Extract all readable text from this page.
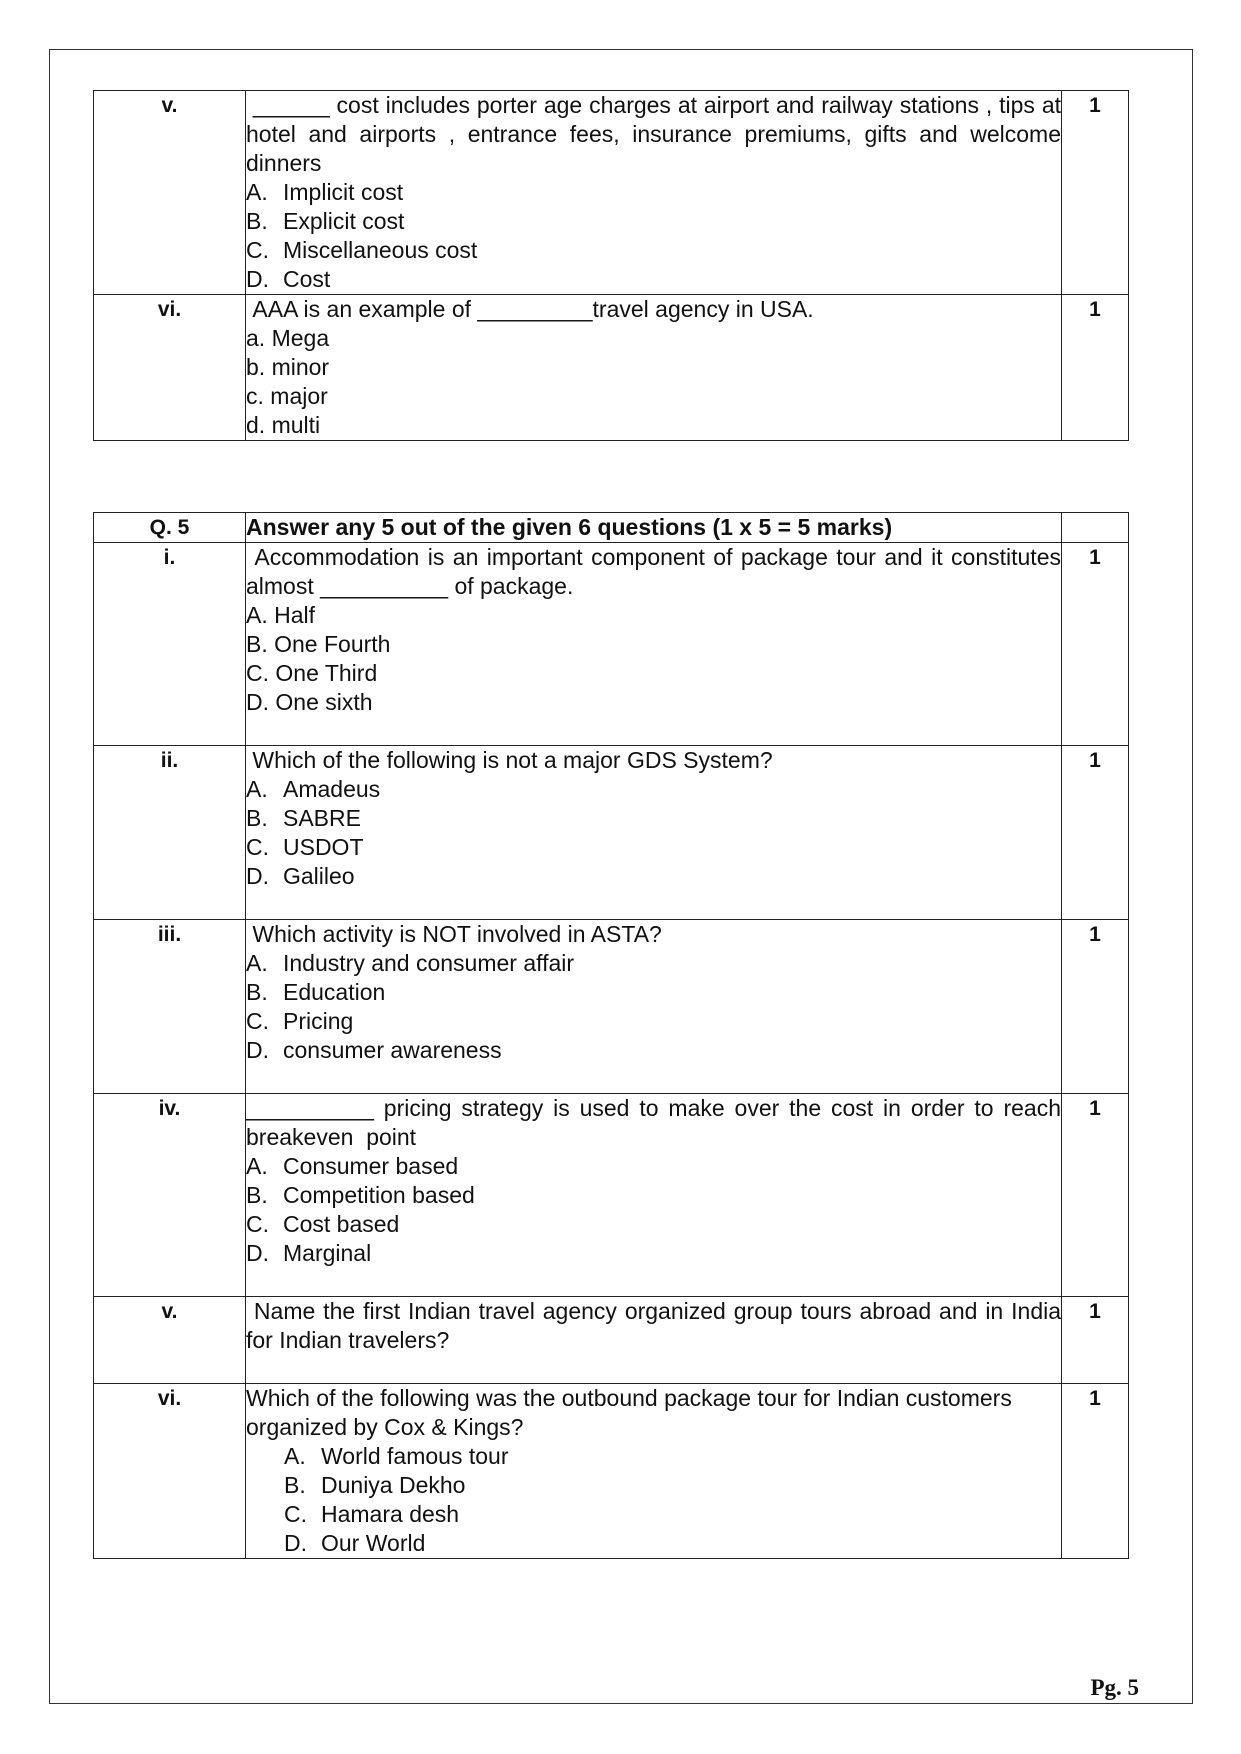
v.	______ cost includes porter age charges at airport and railway stations , tips at hotel and airports , entrance fees, insurance premiums, gifts and welcome dinners
A. Implicit cost
B. Explicit cost
C. Miscellaneous cost
D. Cost	1
vi.	AAA is an example of _________travel agency in USA.
a. Mega
b. minor
c. major
d. multi	1
Q. 5	Answer any 5 out of the given 6 questions (1 x 5 = 5 marks)	
i.	Accommodation is an important component of package tour and it constitutes almost __________ of package.
A. Half
B. One Fourth
C. One Third
D. One sixth	1
ii.	Which of the following is not a major GDS System?
A. Amadeus
B. SABRE
C. USDOT
D. Galileo	1
iii.	Which activity is NOT involved in ASTA?
A. Industry and consumer affair
B. Education
C. Pricing
D. consumer awareness	1
iv.	__________ pricing strategy is used to make over the cost in order to reach breakeven  point
A. Consumer based
B. Competition based
C. Cost based
D. Marginal	1
v.	Name the first Indian travel agency organized group tours abroad and in India for Indian travelers?	1
vi.	Which of the following was the outbound package tour for Indian customers organized by Cox & Kings?
A. World famous tour
B. Duniya Dekho
C. Hamara desh
D. Our World	1
Pg. 5
